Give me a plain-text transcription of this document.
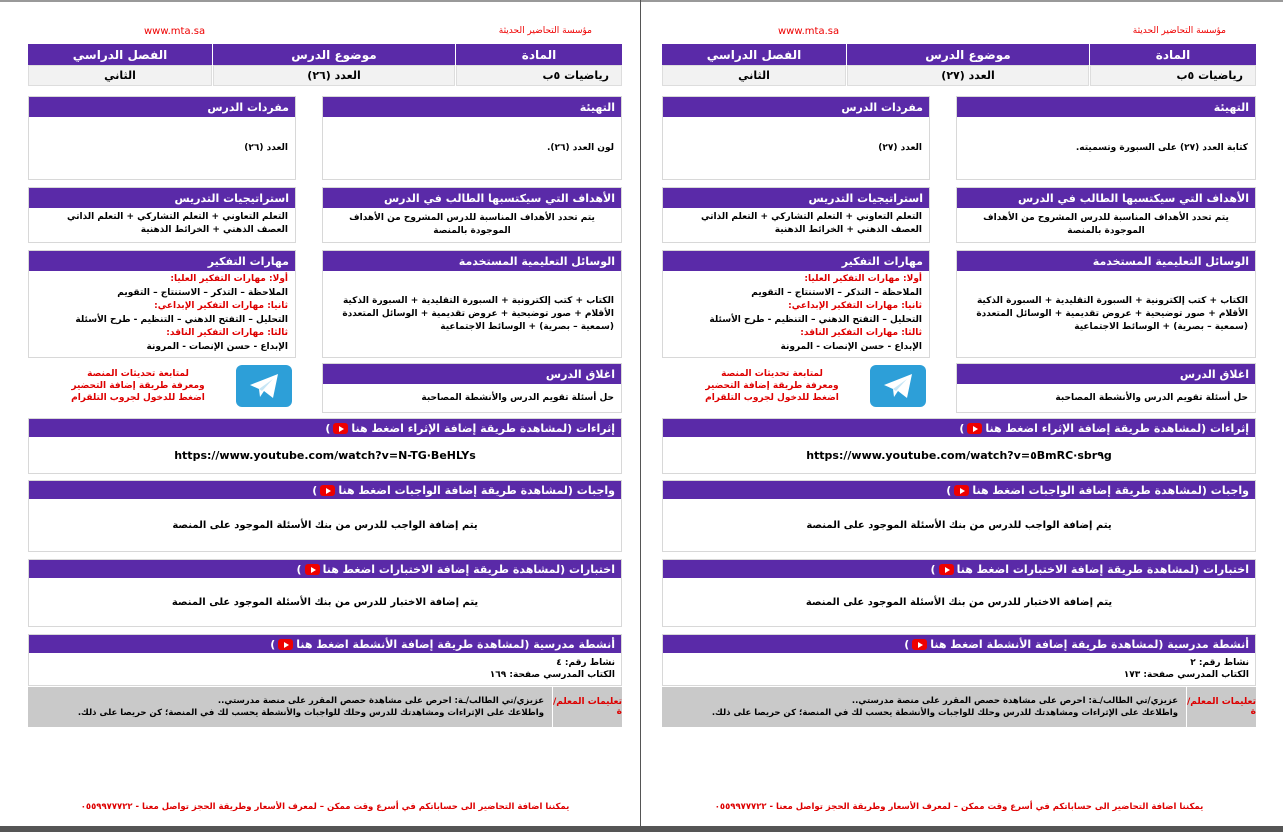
مؤسسة التحاضير الحديثة
www.mta.sa
المادة
موضوع الدرس
الفصل الدراسي
رياضيات ٥ب
العدد (٢٦)
الثاني
التهيئة
لون العدد (٢٦).
مفردات الدرس
العدد (٢٦)
الأهداف التي سيكتسبها الطالب في الدرس
يتم تحدد الأهداف المناسبة للدرس المشروح من الأهداف الموجودة بالمنصة
استراتيجيات التدريس
التعلم التعاوني + التعلم التشاركي + التعلم الذاتي
العصف الذهني + الخرائط الذهنية
الوسائل التعليمية المستخدمة
الكتاب + كتب إلكترونية + السبورة التقليدية + السبورة الذكية
الأقلام + صور توضيحية + عروض تقديمية + الوسائل المتعددة
(سمعية – بصرية) + الوسائط الاجتماعية
مهارات التفكير
أولا: مهارات التفكير العليا:
الملاحظة – التذكر – الاستنتاج – التقويم
ثانيا: مهارات التفكير الإبداعي:
التحليل – التفتح الذهني – التنظيم - طرح الأسئلة
ثالثا: مهارات التفكير الناقد:
الإبداع - حسن الإنصات - المرونة
اغلاق الدرس
حل أسئلة تقويم الدرس والأنشطة المصاحبة
لمتابعة تحديثات المنصة
ومعرفة طريقة إضافة التحضير
اضغط للدخول لجروب التلقرام
إثراءات

(لمشاهدة طريقة إضافة الإثراء اضغط هنا
)
https://www.youtube.com/watch?v=N-TG·BeHLYs
واجبات

(لمشاهدة طريقة إضافة الواجبات اضغط هنا
)
يتم إضافة الواجب للدرس من بنك الأسئلة الموجود على المنصة
اختبارات

(لمشاهدة طريقة إضافة الاختبارات اضغط هنا
)
يتم إضافة الاختبار للدرس من بنك الأسئلة الموجود على المنصة
أنشطة مدرسية

(لمشاهدة طريقة إضافة الأنشطة اضغط هنا
)
نشاط رقم: ٤
الكتاب المدرسي صفحة: ١٦٩
تعليمات المعلم/ة
عزيزي/تي الطالب/ـة: احرص على مشاهدة حصص المقرر على منصة مدرستي..
واطلاعك على الإثراءات ومشاهدتك للدرس وحلك للواجبات والأنشطة يحسب لك في المنصة؛ كن حريصا على ذلك.
يمكننا اضافة التحاضير الى حساباتكم في أسرع وقت ممكن – لمعرف الأسعار وطريقة الحجز تواصل معنا - ٠٥٥٩٩٧٧٧٢٢
مؤسسة التحاضير الحديثة
www.mta.sa
المادة
موضوع الدرس
الفصل الدراسي
رياضيات ٥ب
العدد (٢٧)
الثاني
التهيئة
كتابة العدد (٢٧) على السبورة وتسميته.
مفردات الدرس
العدد (٢٧)
الأهداف التي سيكتسبها الطالب في الدرس
يتم تحدد الأهداف المناسبة للدرس المشروح من الأهداف الموجودة بالمنصة
استراتيجيات التدريس
التعلم التعاوني + التعلم التشاركي + التعلم الذاتي
العصف الذهني + الخرائط الذهنية
الوسائل التعليمية المستخدمة
الكتاب + كتب إلكترونية + السبورة التقليدية + السبورة الذكية
الأقلام + صور توضيحية + عروض تقديمية + الوسائل المتعددة
(سمعية – بصرية) + الوسائط الاجتماعية
مهارات التفكير
أولا: مهارات التفكير العليا:
الملاحظة – التذكر – الاستنتاج – التقويم
ثانيا: مهارات التفكير الإبداعي:
التحليل – التفتح الذهني – التنظيم - طرح الأسئلة
ثالثا: مهارات التفكير الناقد:
الإبداع - حسن الإنصات - المرونة
اغلاق الدرس
حل أسئلة تقويم الدرس والأنشطة المصاحبة
لمتابعة تحديثات المنصة
ومعرفة طريقة إضافة التحضير
اضغط للدخول لجروب التلقرام
إثراءات

(لمشاهدة طريقة إضافة الإثراء اضغط هنا
)
https://www.youtube.com/watch?v=٥BmRC·sbr٩g
واجبات

(لمشاهدة طريقة إضافة الواجبات اضغط هنا
)
يتم إضافة الواجب للدرس من بنك الأسئلة الموجود على المنصة
اختبارات

(لمشاهدة طريقة إضافة الاختبارات اضغط هنا
)
يتم إضافة الاختبار للدرس من بنك الأسئلة الموجود على المنصة
أنشطة مدرسية

(لمشاهدة طريقة إضافة الأنشطة اضغط هنا
)
نشاط رقم: ٢
الكتاب المدرسي صفحة: ١٧٣
تعليمات المعلم/ة
عزيزي/تي الطالب/ـة: احرص على مشاهدة حصص المقرر على منصة مدرستي..
واطلاعك على الإثراءات ومشاهدتك للدرس وحلك للواجبات والأنشطة يحسب لك في المنصة؛ كن حريصا على ذلك.
يمكننا اضافة التحاضير الى حساباتكم في أسرع وقت ممكن – لمعرف الأسعار وطريقة الحجز تواصل معنا - ٠٥٥٩٩٧٧٧٢٢
